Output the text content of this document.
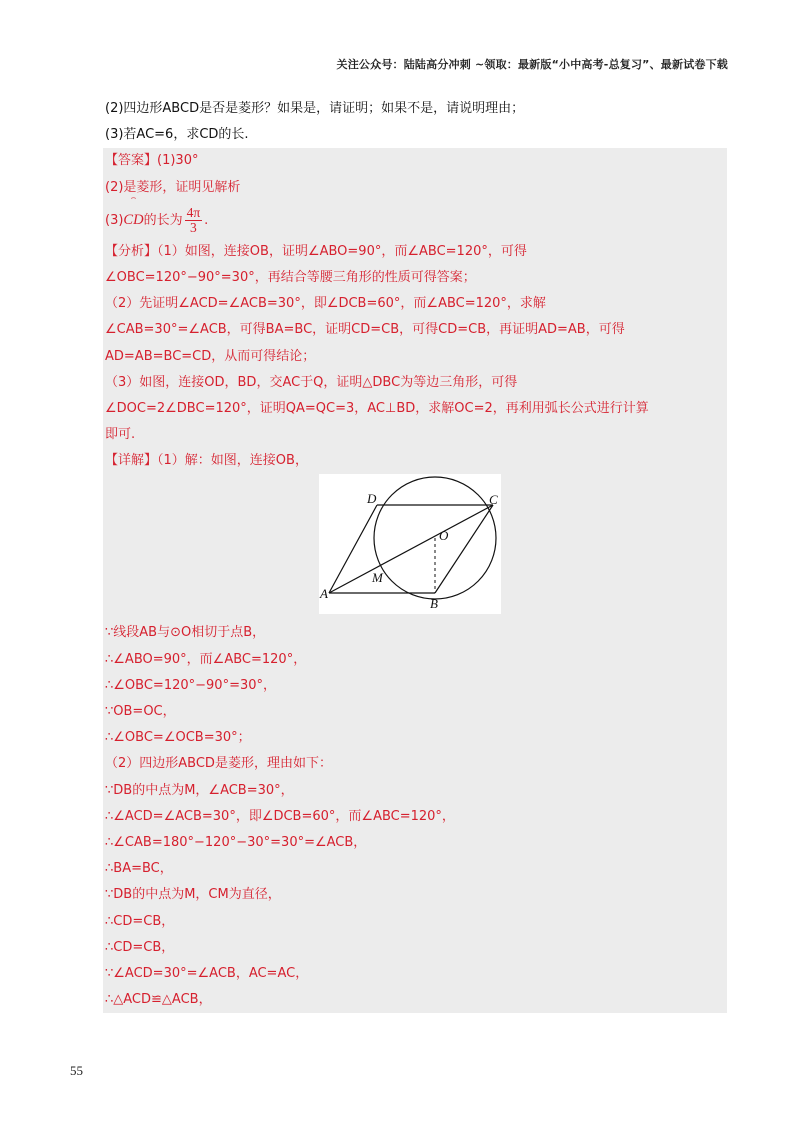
关注公众号：陆陆高分冲刺 ~领取：最新版“小中高考-总复习”、最新试卷下载
(2)四边形ABCD是否是菱形？如果是，请证明；如果不是，请说明理由；
(3)若AC=6，求CD的长.
【答案】(1)30°
(2)是菱形，证明见解析
(3)⌢ CD的长为 $\frac{4\pi}{3}$ .
【分析】（1）如图，连接OB，证明∠ABO=90°，而∠ABC=120°，可得
∠OBC=120°−90°=30°，再结合等腰三角形的性质可得答案；
（2）先证明∠ACD=∠ACB=30°，即∠DCB=60°，而∠ABC=120°，求解
∠CAB=30°=∠ACB，可得BA=BC，证明CD=CB，可得CD=CB，再证明AD=AB，可得
AD=AB=BC=CD，从而可得结论；
（3）如图，连接OD，BD，交AC于Q，证明△DBC为等边三角形，可得
∠DOC=2∠DBC=120°，证明QA=QC=3，AC⊥BD，求解OC=2，再利用弧长公式进行计算
即可.
【详解】（1）解：如图，连接OB，
D	C
O
M
A
B
∵线段AB与⊙O相切于点B，
∴∠ABO=90°，而∠ABC=120°，
∴∠OBC=120°−90°=30°，
∵OB=OC，
∴∠OBC=∠OCB=30°；
（2）四边形ABCD是菱形，理由如下：
∵DB的中点为M，∠ACB=30°，
∴∠ACD=∠ACB=30°，即∠DCB=60°，而∠ABC=120°，
∴∠CAB=180°−120°−30°=30°=∠ACB，
∴BA=BC，
∵DB的中点为M，CM为直径，
∴CD=CB，
∴CD=CB，
∵∠ACD=30°=∠ACB，AC=AC，
∴△ACD≌△ACB，
55
